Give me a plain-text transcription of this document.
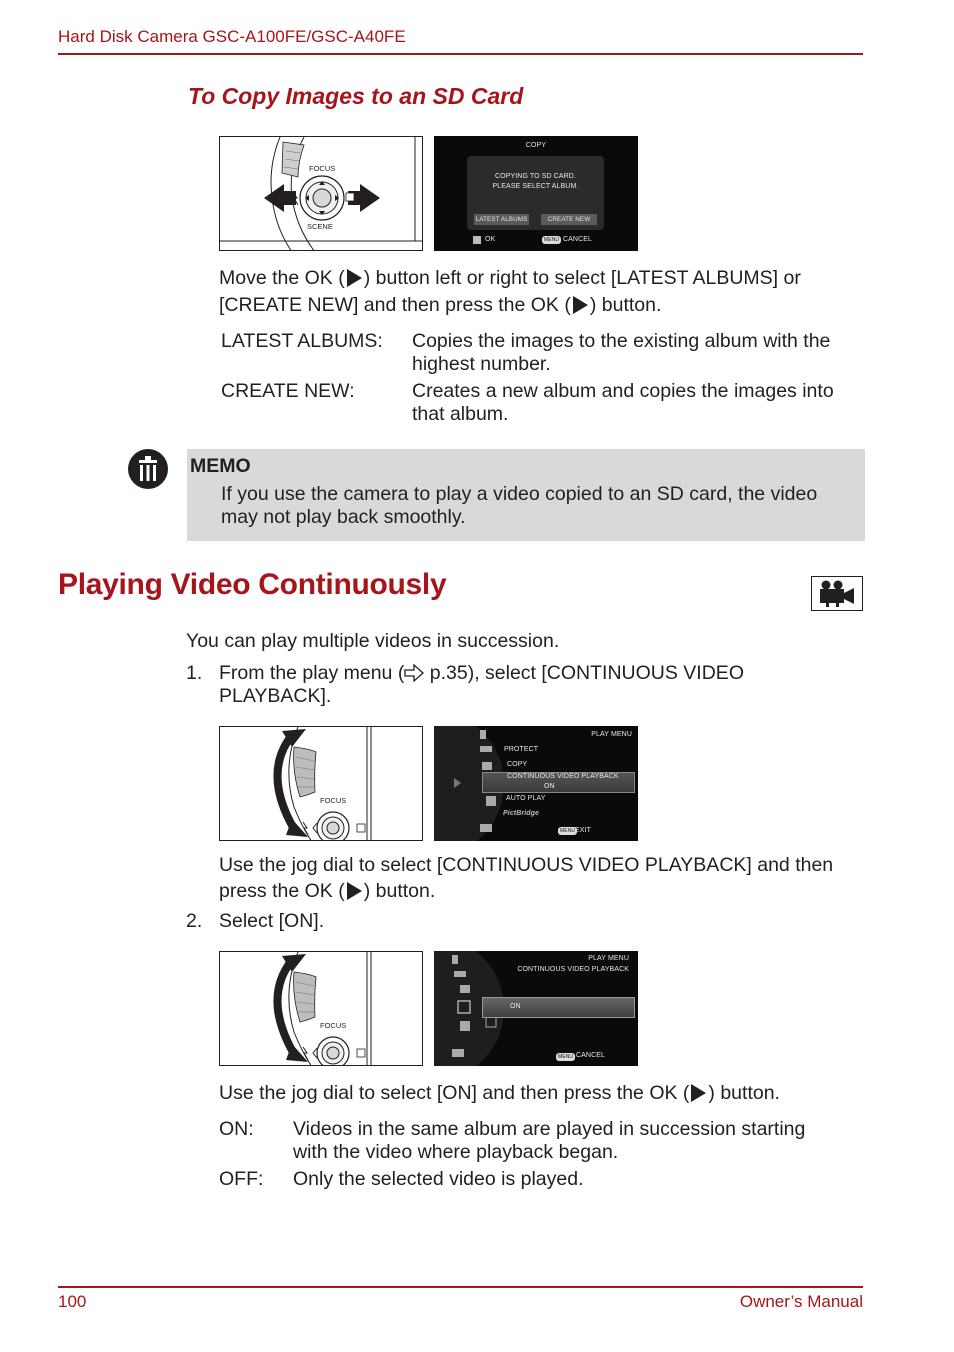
Hard Disk Camera GSC-A100FE/GSC-A40FE
To Copy Images to an SD Card
FOCUS
SCENE
COPY
COPYING TO SD CARD.
PLEASE SELECT ALBUM.
LATEST ALBUMS	CREATE NEW
OK	MENU CANCEL
Move the OK ( ) button left or right to select [LATEST ALBUMS] or
[CREATE NEW] and then press the OK ( ) button.
LATEST ALBUMS: Copies the images to the existing album with the
highest number.
CREATE NEW:	Creates a new album and copies the images into
that album.
MEMO
If you use the camera to play a video copied to an SD card, the video
may not play back smoothly.
Playing Video Continuously
You can play multiple videos in succession.
1. From the play menu ( p.35), select [CONTINUOUS VIDEO
PLAYBACK].
FOCUS
PLAY MENU
PROTECT
COPY
CONTINUOUS VIDEO PLAYBACK
ON
AUTO PLAY
PictBridge
MENU EXIT
Use the jog dial to select [CONTINUOUS VIDEO PLAYBACK] and then
press the OK ( ) button.
2. Select [ON].
FOCUS
PLAY MENU
CONTINUOUS VIDEO PLAYBACK
ON
MENU CANCEL
Use the jog dial to select [ON] and then press the OK ( ) button.
ON: Videos in the same album are played in succession starting
with the video where playback began.
OFF: Only the selected video is played.
100	Owner’s Manual
